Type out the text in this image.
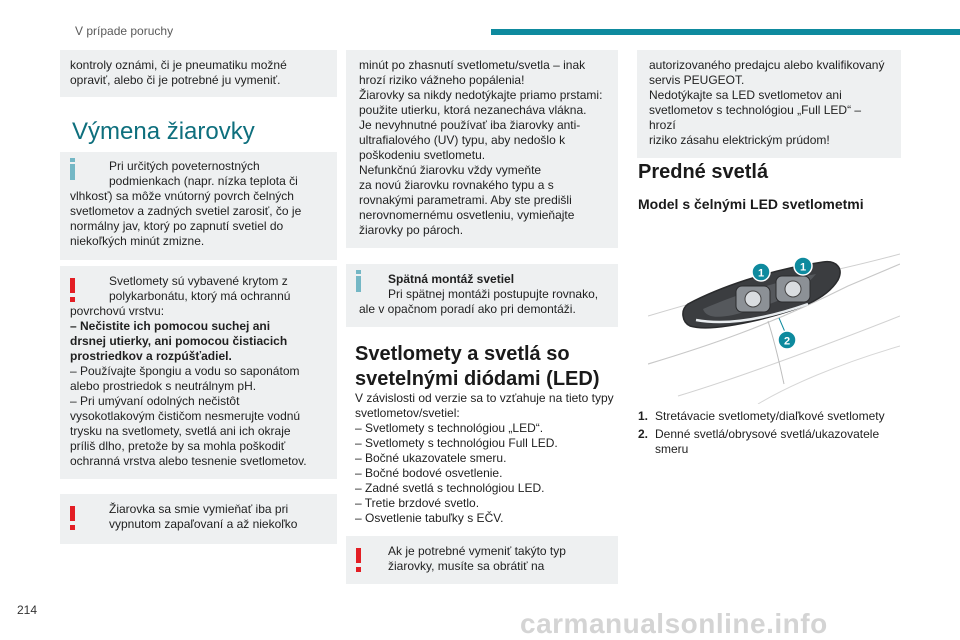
V prípade poruchy

kontroly oznámi, či je pneumatiku možné

opraviť, alebo či je potrebné ju vymeniť.

Výmena žiarovky

Pri určitých poveternostných

podmienkach (napr. nízka teplota či

vlhkosť) sa môže vnútorný povrch čelných

svetlometov a zadných svetiel zarosiť, čo je

normálny jav, ktorý po zapnutí svetiel do

niekoľkých minút zmizne.

Svetlomety sú vybavené krytom z

polykarbonátu, ktorý má ochrannú

povrchovú vrstvu:

– Nečistite ich pomocou suchej ani

drsnej utierky, ani pomocou čistiacich

prostriedkov a rozpúšťadiel.

– Používajte špongiu a vodu so saponátom

alebo prostriedok s neutrálnym pH.

– Pri umývaní odolných nečistôt

vysokotlakovým čističom nesmerujte vodnú

trysku na svetlomety, svetlá ani ich okraje

príliš dlho, pretože by sa mohla poškodiť

ochranná vrstva alebo tesnenie svetlometov.

Žiarovka sa smie vymieňať iba pri

vypnutom zapaľovaní a až niekoľko

minút po zhasnutí svetlometu/svetla – inak

hrozí riziko vážneho popálenia!

Žiarovky sa nikdy nedotýkajte priamo prstami:

použite utierku, ktorá nezanecháva vlákna.

Je nevyhnutné používať iba žiarovky anti-

ultrafialového (UV) typu, aby nedošlo k

poškodeniu svetlometu.

Nefunkčnú žiarovku vždy vymeňte

za novú žiarovku rovnakého typu a s

rovnakými parametrami. Aby ste predišli

nerovnomernému osvetleniu, vymieňajte

žiarovky po pároch.

Spätná montáž svetiel

Pri spätnej montáži postupujte rovnako,

ale v opačnom poradí ako pri demontáži.

Svetlomety a svetlá so
svetelnými diódami (LED)
V závislosti od verzie sa to vzťahuje na tieto typy
svetlometov/svetiel:
– Svetlomety s technológiou „LED“.
– Svetlomety s technológiou Full LED.
– Bočné ukazovatele smeru.
– Bočné bodové osvetlenie.
– Zadné svetlá s technológiou LED.
– Tretie brzdové svetlo.
– Osvetlenie tabuľky s EČV.

Ak je potrebné vymeniť takýto typ

žiarovky, musíte sa obrátiť na

autorizovaného predajcu alebo kvalifikovaný

servis PEUGEOT.

Nedotýkajte sa LED svetlometov ani

svetlometov s technológiou „Full LED“ – hrozí

riziko zásahu elektrickým prúdom!

Predné svetlá
Model s čelnými LED svetlometmi
1	1
2
1. Stretávacie svetlomety/diaľkové svetlomety
2. Denné svetlá/obrysové svetlá/ukazovatele
smeru
214	carmanualsonline.info
